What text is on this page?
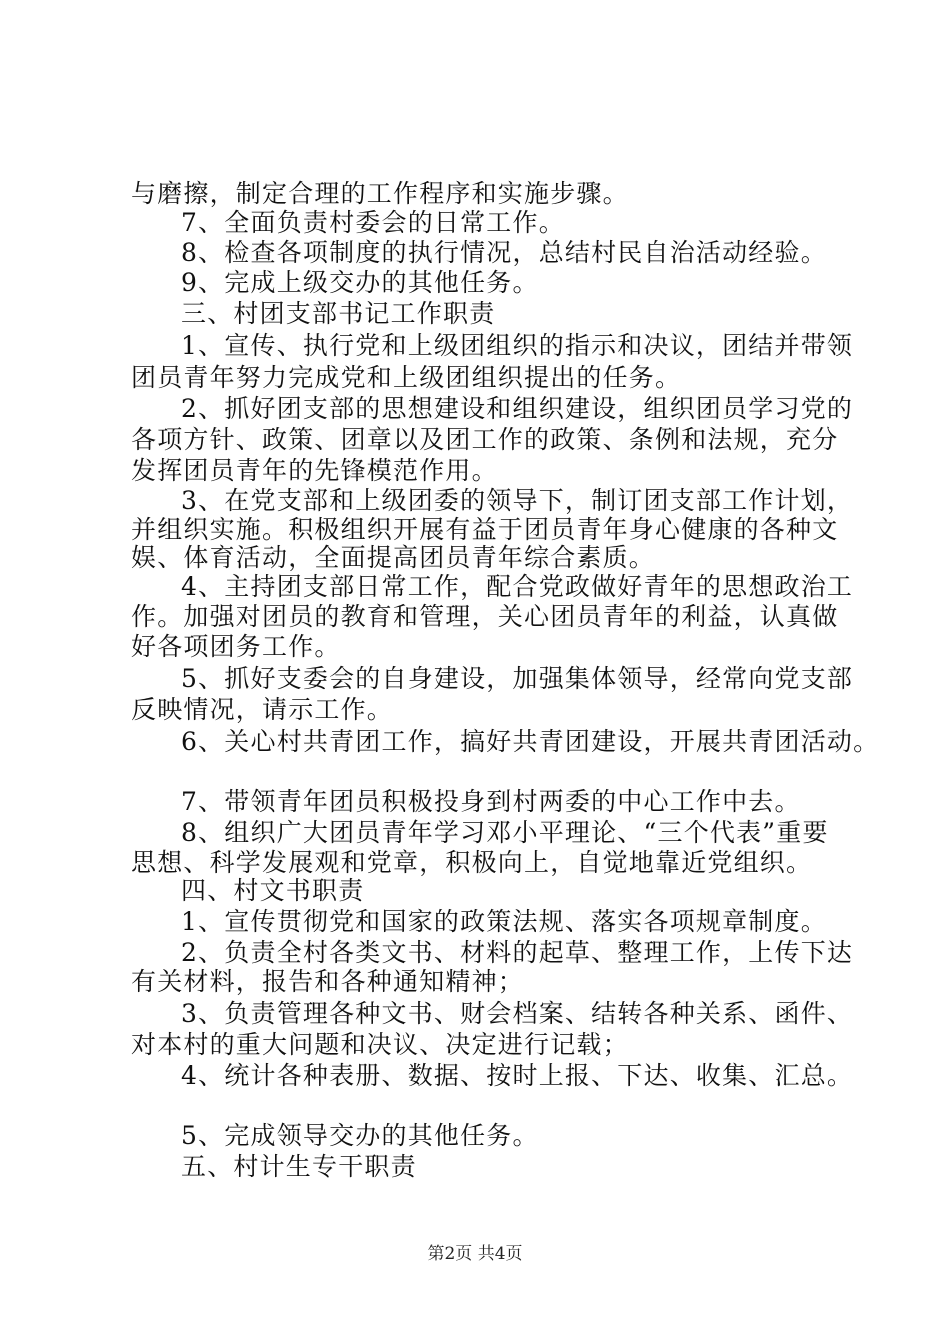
与磨擦，制定合理的工作程序和实施步骤。
7、全面负责村委会的日常工作。
8、检查各项制度的执行情况，总结村民自治活动经验。
9、完成上级交办的其他任务。
三、村团支部书记工作职责
1、宣传、执行党和上级团组织的指示和决议，团结并带领
团员青年努力完成党和上级团组织提出的任务。
2、抓好团支部的思想建设和组织建设，组织团员学习党的
各项方针、政策、团章以及团工作的政策、条例和法规，充分
发挥团员青年的先锋模范作用。
3、在党支部和上级团委的领导下，制订团支部工作计划，
并组织实施。积极组织开展有益于团员青年身心健康的各种文
娱、体育活动，全面提高团员青年综合素质。
4、主持团支部日常工作，配合党政做好青年的思想政治工
作。加强对团员的教育和管理，关心团员青年的利益，认真做
好各项团务工作。
5、抓好支委会的自身建设，加强集体领导，经常向党支部
反映情况，请示工作。
6、关心村共青团工作，搞好共青团建设，开展共青团活动。
7、带领青年团员积极投身到村两委的中心工作中去。
8、组织广大团员青年学习邓小平理论、“三个代表”重要
思想、科学发展观和党章，积极向上，自觉地靠近党组织。
四、村文书职责
1、宣传贯彻党和国家的政策法规、落实各项规章制度。
2、负责全村各类文书、材料的起草、整理工作，上传下达
有关材料，报告和各种通知精神；
3、负责管理各种文书、财会档案、结转各种关系、函件、
对本村的重大问题和决议、决定进行记载；
4、统计各种表册、数据、按时上报、下达、收集、汇总。
5、完成领导交办的其他任务。
五、村计生专干职责
第2页 共4页
